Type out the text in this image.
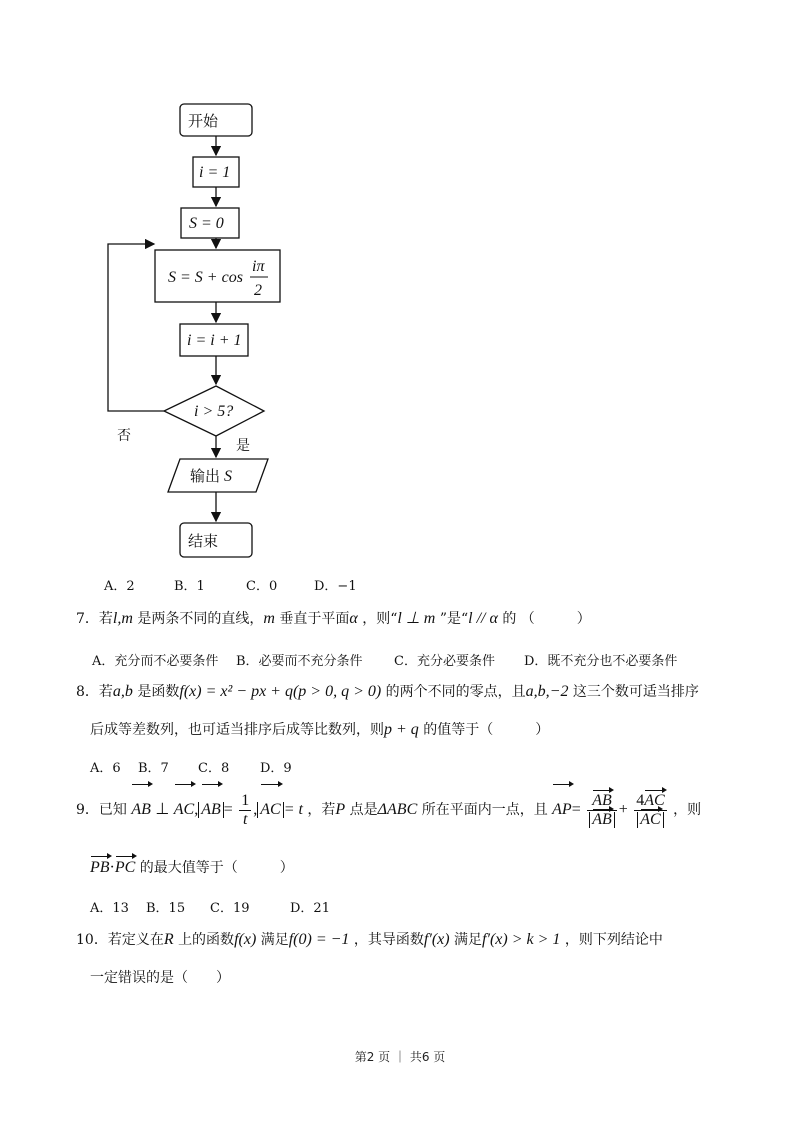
开始
i = 1
S = 0
S = S + cos
iπ
2
i = i + 1
i > 5?
否
是
输出 S
结束
A．2	B．1	C．0	D．−1
7．若l,m 是两条不同的直线，m 垂直于平面α ，则“l ⊥ m ”是“l // α 的 （　　　）
A．充分而不必要条件 B．必要而不充分条件 C．充分必要条件 D．既不充分也不必要条件
8．若a,b 是函数f(x) = x² − px + q(p > 0, q > 0) 的两个不同的零点，且a,b,−2 这三个数可适当排序
后成等差数列，也可适当排序后成等比数列，则p + q 的值等于（　　　）
A．6 B．7 C．8 D．9
9．已知 AB ⊥ AC, AB = $\frac{1}{t}$ , AC = t ，若P 点是ΔABC 所在平面内一点，且 $AP= \frac{AB}{AB} + \frac{4AC}{AC}$ ，则
PB·PC 的最大值等于（　　　）
A．13 B．15 C．19	D．21
10．若定义在R 上的函数f(x) 满足f(0) = −1 ，其导函数f′(x) 满足f′(x) > k > 1 ，则下列结论中
一定错误的是（　　）
第2 页 ｜ 共6 页
